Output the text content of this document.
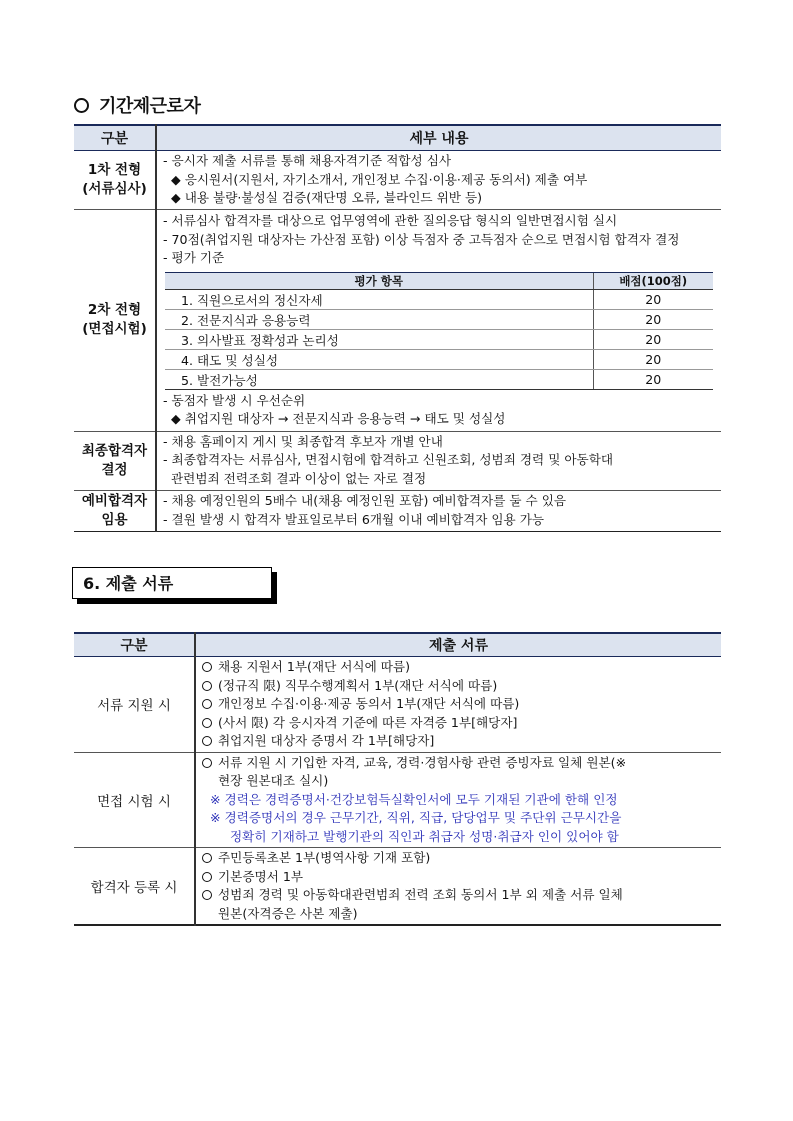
기간제근로자
구분	세부 내용

1차 전형
(서류심사)

- 응시자 제출 서류를 통해 채용자격기준 적합성 심사
◆ 응시원서(지원서, 자기소개서, 개인정보 수집·이용·제공 동의서) 제출 여부
◆ 내용 불량·불성실 검증(재단명 오류, 블라인드 위반 등)

2차 전형
(면접시험)

- 서류심사 합격자를 대상으로 업무영역에 관한 질의응답 형식의 일반면접시험 실시
- 70점(취업지원 대상자는 가산점 포함) 이상 득점자 중 고득점자 순으로 면접시험 합격자 결정
- 평가 기준
평가 항목	배점(100점)
1. 직원으로서의 정신자세	20
2. 전문지식과 응용능력	20
3. 의사발표 정확성과 논리성	20
4. 태도 및 성실성	20
5. 발전가능성	20
- 동점자 발생 시 우선순위
◆ 취업지원 대상자 → 전문지식과 응용능력 → 태도 및 성실성

최종합격자
결정

- 채용 홈페이지 게시 및 최종합격 후보자 개별 안내
- 최종합격자는 서류심사, 면접시험에 합격하고 신원조회, 성범죄 경력 및 아동학대
관련범죄 전력조회 결과 이상이 없는 자로 결정

예비합격자
임용

- 채용 예정인원의 5배수 내(채용 예정인원 포함) 예비합격자를 둘 수 있음
- 결원 발생 시 합격자 발표일로부터 6개월 이내 예비합격자 임용 가능
6. 제출 서류
구분	제출 서류
서류 지원 시	채용 지원서 1부(재단 서식에 따름)
(정규직 限) 직무수행계획서 1부(재단 서식에 따름)
개인정보 수집·이용·제공 동의서 1부(재단 서식에 따름)
(사서 限) 각 응시자격 기준에 따른 자격증 1부[해당자]
취업지원 대상자 증명서 각 1부[해당자]

면접 시험 시	서류 지원 시 기입한 자격, 교육, 경력·경험사항 관련 증빙자료 일체 원본(※
현장 원본대조 실시)
※ 경력은 경력증명서·건강보험득실확인서에 모두 기재된 기관에 한해 인정
※ 경력증명서의 경우 근무기간, 직위, 직급, 담당업무 및 주단위 근무시간을
정확히 기재하고 발행기관의 직인과 취급자 성명·취급자 인이 있어야 함

합격자 등록 시	주민등록초본 1부(병역사항 기재 포함)
기본증명서 1부
성범죄 경력 및 아동학대관련범죄 전력 조회 동의서 1부 외 제출 서류 일체
원본(자격증은 사본 제출)
